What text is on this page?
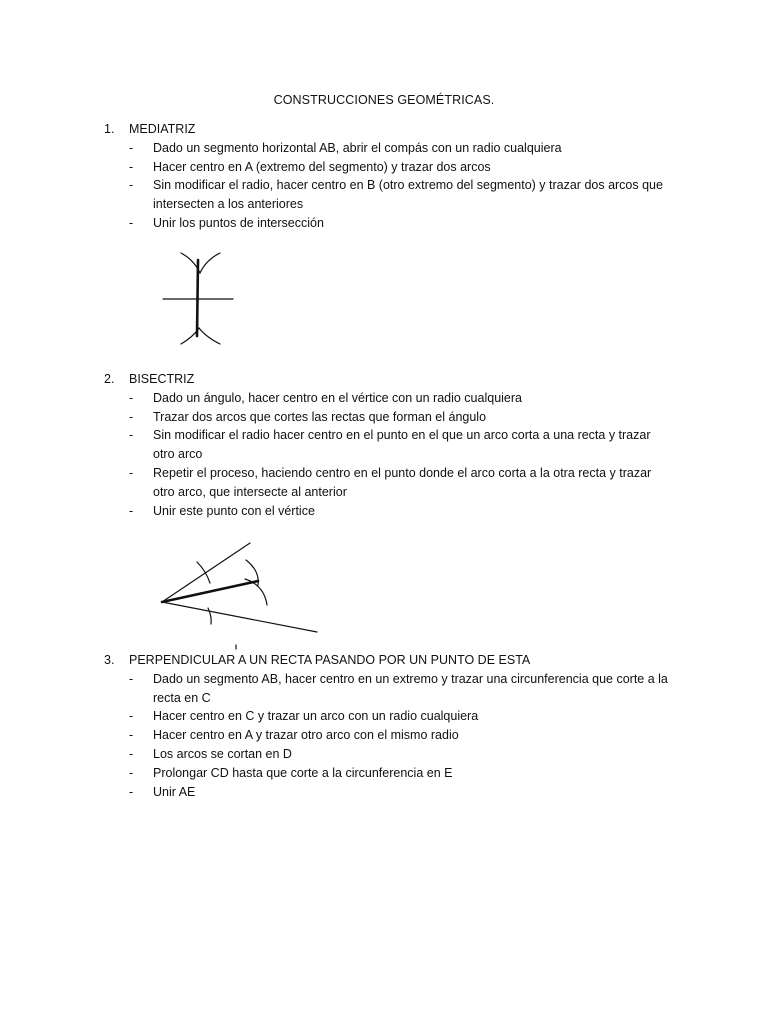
CONSTRUCCIONES GEOMÉTRICAS.
1.	MEDIATRIZ
-	Dado un segmento horizontal AB, abrir el compás con un radio cualquiera
-	Hacer centro en A (extremo del segmento) y trazar dos arcos
-	Sin modificar el radio, hacer centro en B (otro extremo del segmento) y trazar dos arcos que intersecten a los anteriores
-	Unir los puntos de intersección
2.	BISECTRIZ
-	Dado un ángulo, hacer centro en el vértice con un radio cualquiera
-	Trazar dos arcos que cortes las rectas que forman el ángulo
-	Sin modificar el radio hacer centro en el punto en el que un arco corta a una recta y trazar otro arco
-	Repetir el proceso, haciendo centro en el punto donde el arco corta a la otra recta y trazar otro arco, que intersecte al anterior
-	Unir este punto con el vértice
3.	PERPENDICULAR A UN RECTA PASANDO POR UN PUNTO DE ESTA
-	Dado un segmento AB, hacer centro en un extremo y trazar una circunferencia que corte a la recta en C
-	Hacer centro en C y trazar un arco con un radio cualquiera
-	Hacer centro en A y trazar otro arco con el mismo radio
-	Los arcos se cortan en D
-	Prolongar CD hasta que corte a la circunferencia en E
-	Unir AE
